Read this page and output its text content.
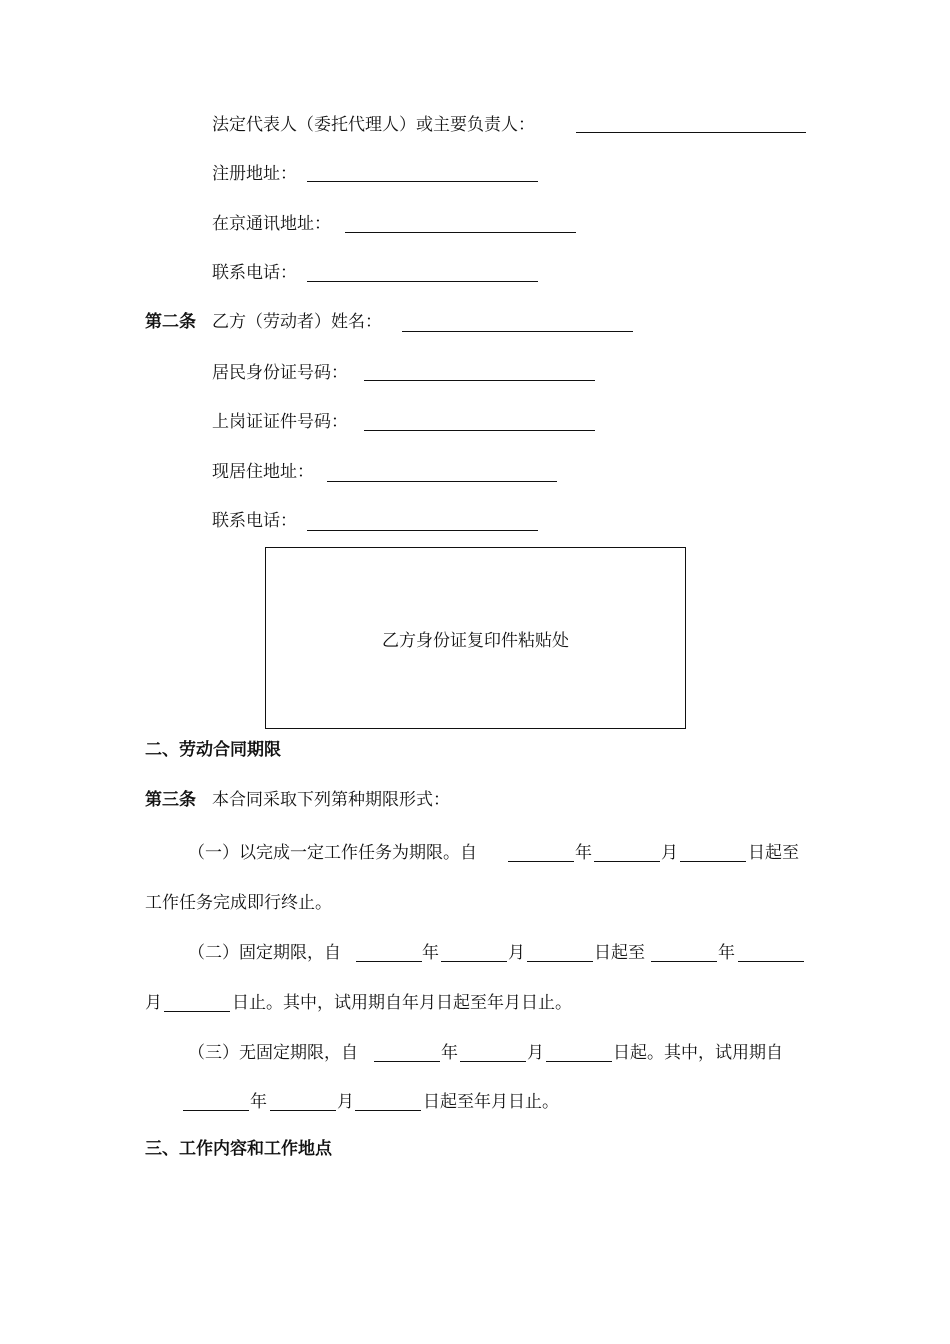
法定代表人（委托代理人）或主要负责人：
注册地址：
在京通讯地址：
联系电话：
第二条 乙方（劳动者）姓名：
居民身份证号码：
上岗证证件号码：
现居住地址：
联系电话：
乙方身份证复印件粘贴处
二、劳动合同期限
第三条 本合同采取下列第种期限形式：
（一）以完成一定工作任务为期限。自	年	月	日起至
工作任务完成即行终止。
（二）固定期限，自	年	月	日起至	年
月	日止。其中，试用期自年月日起至年月日止。
（三）无固定期限，自	年	月	日起。其中，试用期自
年	月	日起至年月日止。
三、工作内容和工作地点
